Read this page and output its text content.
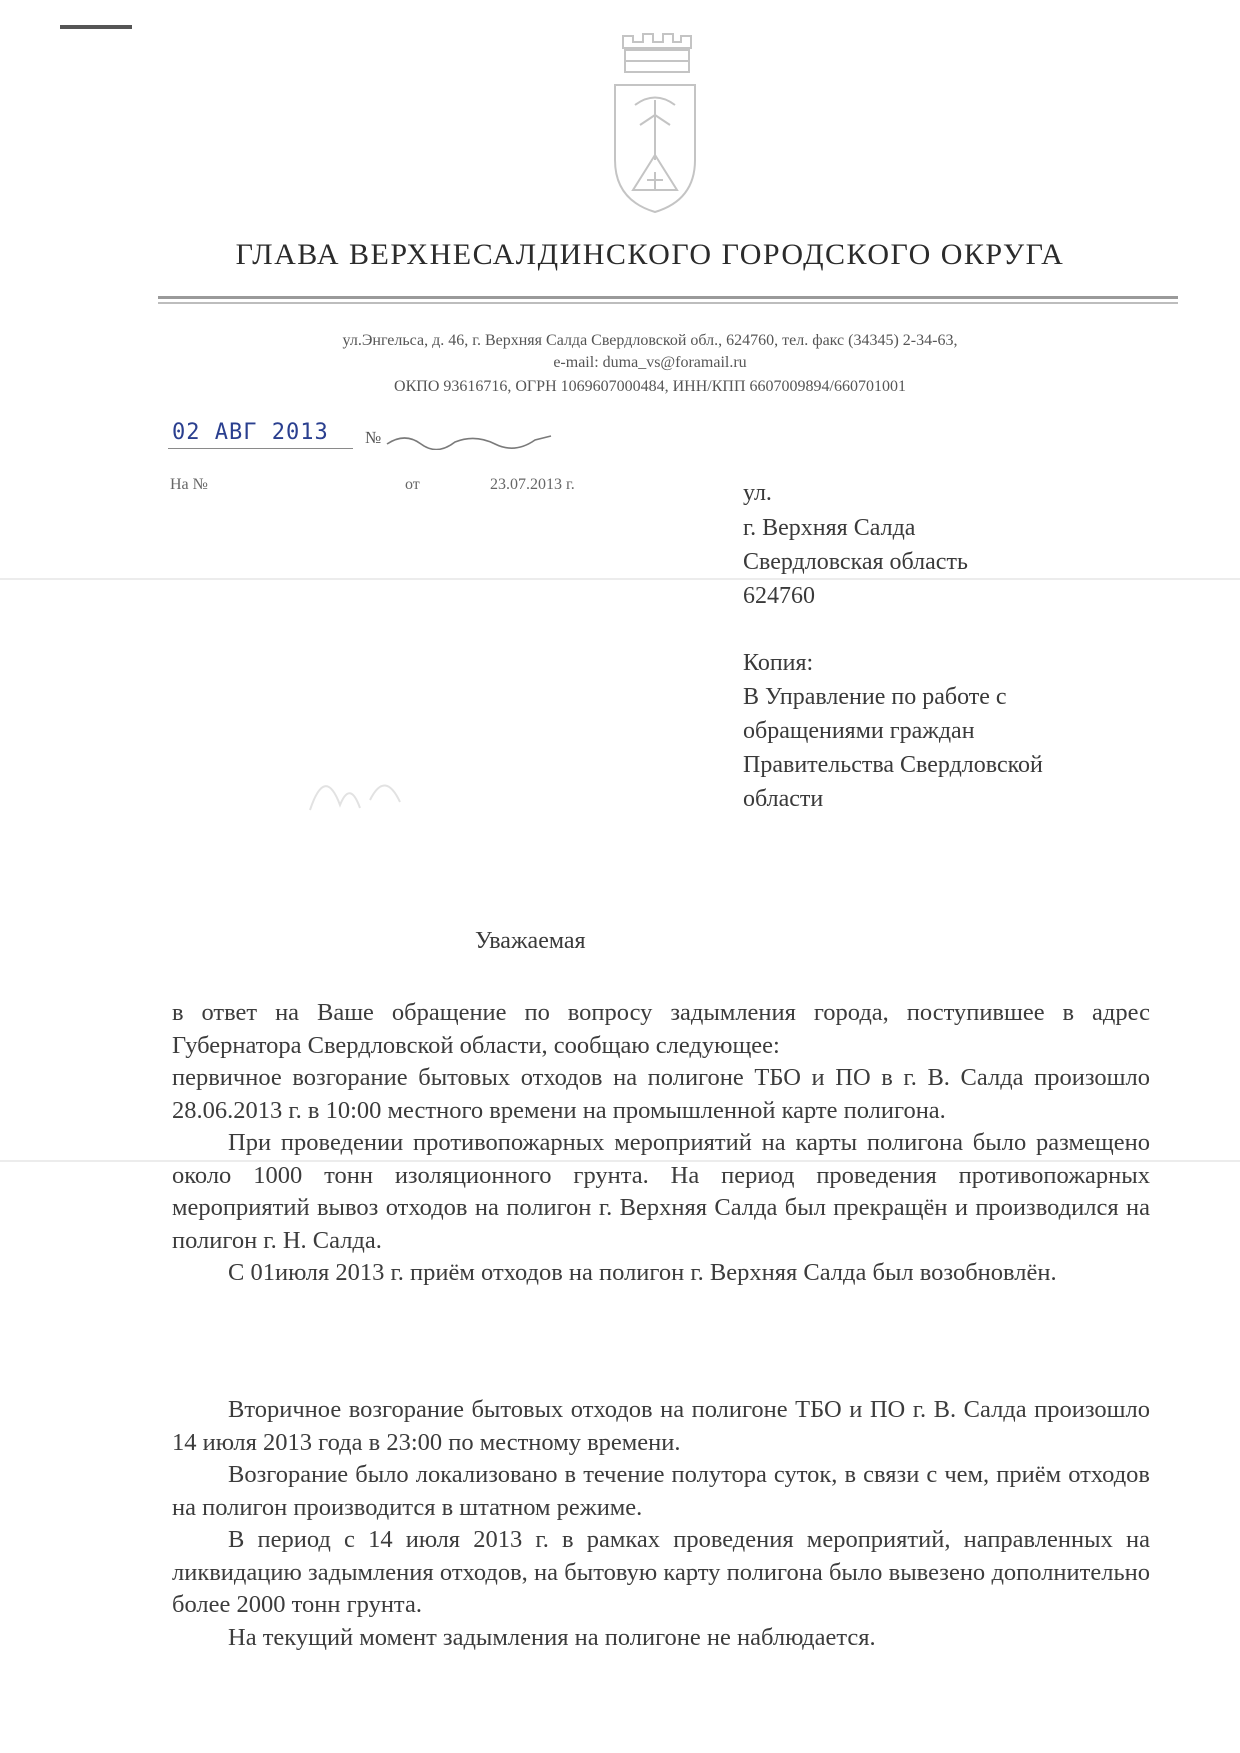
ГЛАВА ВЕРХНЕСАЛДИНСКОГО ГОРОДСКОГО ОКРУГА
ул.Энгельса, д. 46, г. Верхняя Салда Свердловской обл., 624760, тел. факс (34345) 2-34-63,
e-mail: duma_vs@foramail.ru
ОКПО 93616716, ОГРН 1069607000484, ИНН/КПП 6607009894/660701001
02 АВГ 2013 №
На №	от	23.07.2013 г.	ул.
г. Верхняя Салда
Свердловская область
624760
Копия:
В Управление по работе с
обращениями граждан
Правительства Свердловской
области
Уважаемая

в ответ на Ваше обращение по вопросу задымления города, поступившее в адрес Губернатора Свердловской области, сообщаю следующее:

первичное возгорание бытовых отходов на полигоне ТБО и ПО в г. В. Салда произошло 28.06.2013 г. в 10:00 местного времени на промышленной карте полигона.

При проведении противопожарных мероприятий на карты полигона было размещено около 1000 тонн изоляционного грунта. На период проведения противопожарных мероприятий вывоз отходов на полигон г. Верхняя Салда был прекращён и производился на полигон г. Н. Салда.

С 01июля 2013 г. приём отходов на полигон г. Верхняя Салда был возобновлён.

Вторичное возгорание бытовых отходов на полигоне ТБО и ПО г. В. Салда произошло 14 июля 2013 года в 23:00 по местному времени.

Возгорание было локализовано в течение полутора суток, в связи с чем, приём отходов на полигон производится в штатном режиме.

В период с 14 июля 2013 г. в рамках проведения мероприятий, направленных на ликвидацию задымления отходов, на бытовую карту полигона было вывезено дополнительно более 2000 тонн грунта.

На текущий момент задымления на полигоне не наблюдается.
